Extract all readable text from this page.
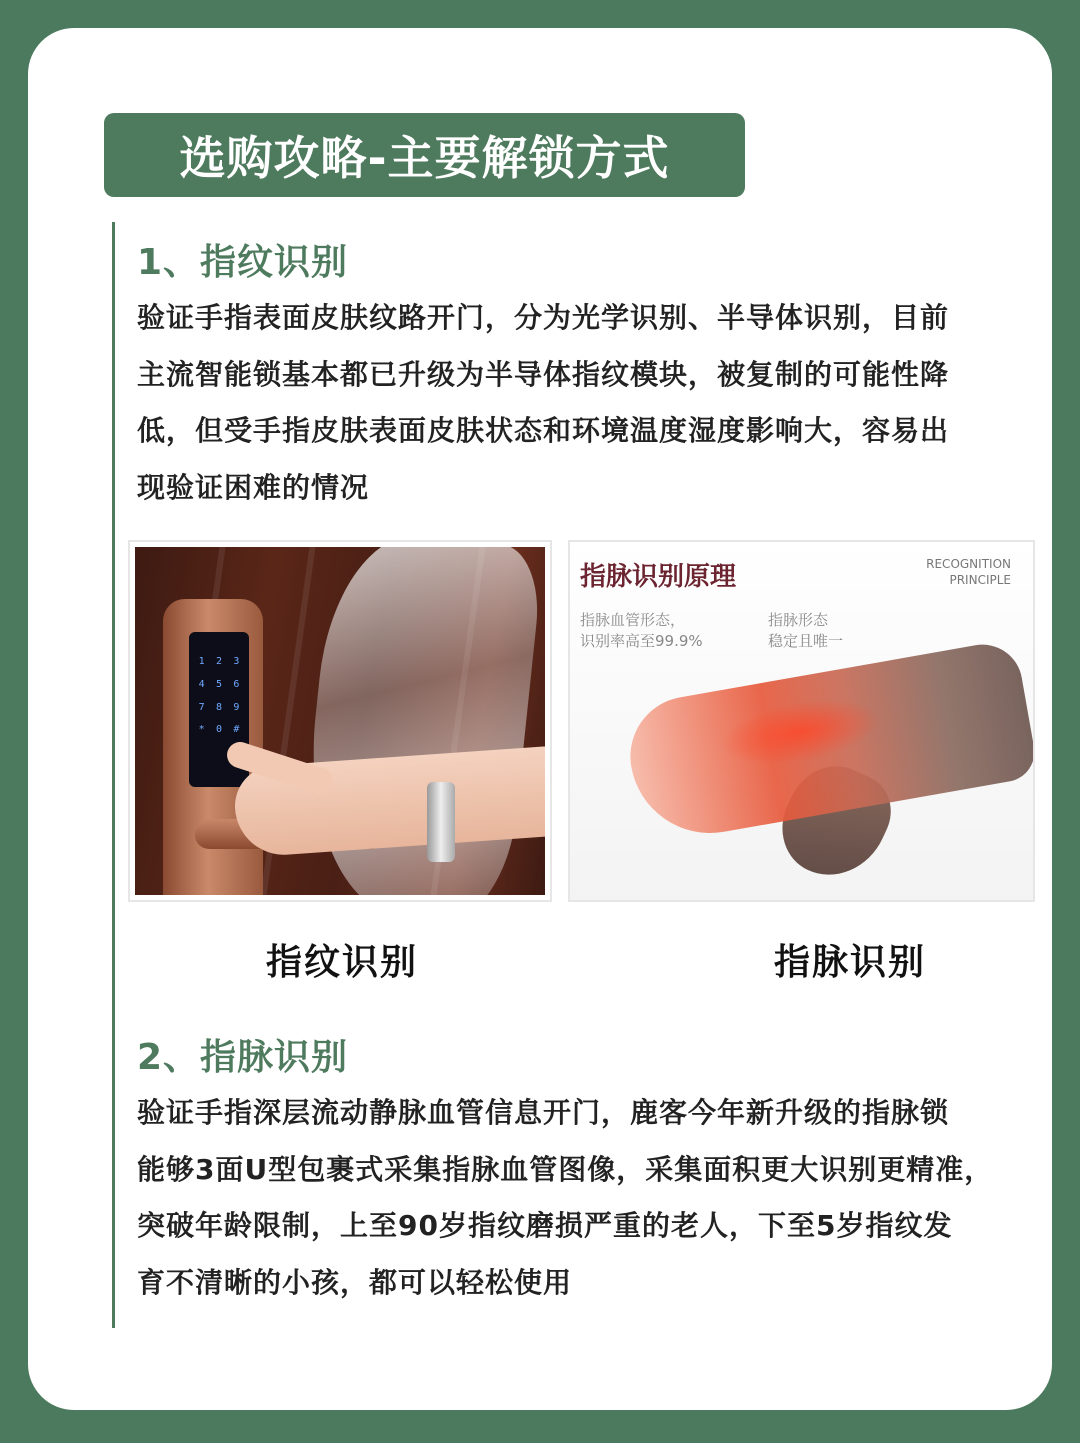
选购攻略-主要解锁方式
1、指纹识别

验证手指表面皮肤纹路开门，分为光学识别、半导体识别，目前
主流智能锁基本都已升级为半导体指纹模块，被复制的可能性降
低，但受手指皮肤表面皮肤状态和环境温度湿度影响大，容易出
现验证困难的情况

1	2	3
4	5	6
7	8	9
*	0	#
指脉识别原理	RECOGNITION
PRINCIPLE
指脉血管形态，
识别率高至99.9%
指脉形态
稳定且唯一
指纹识别	指脉识别
2、指脉识别

验证手指深层流动静脉血管信息开门，鹿客今年新升级的指脉锁
能够3面U型包裹式采集指脉血管图像，采集面积更大识别更精准，
突破年龄限制，上至90岁指纹磨损严重的老人，下至5岁指纹发
育不清晰的小孩，都可以轻松使用
